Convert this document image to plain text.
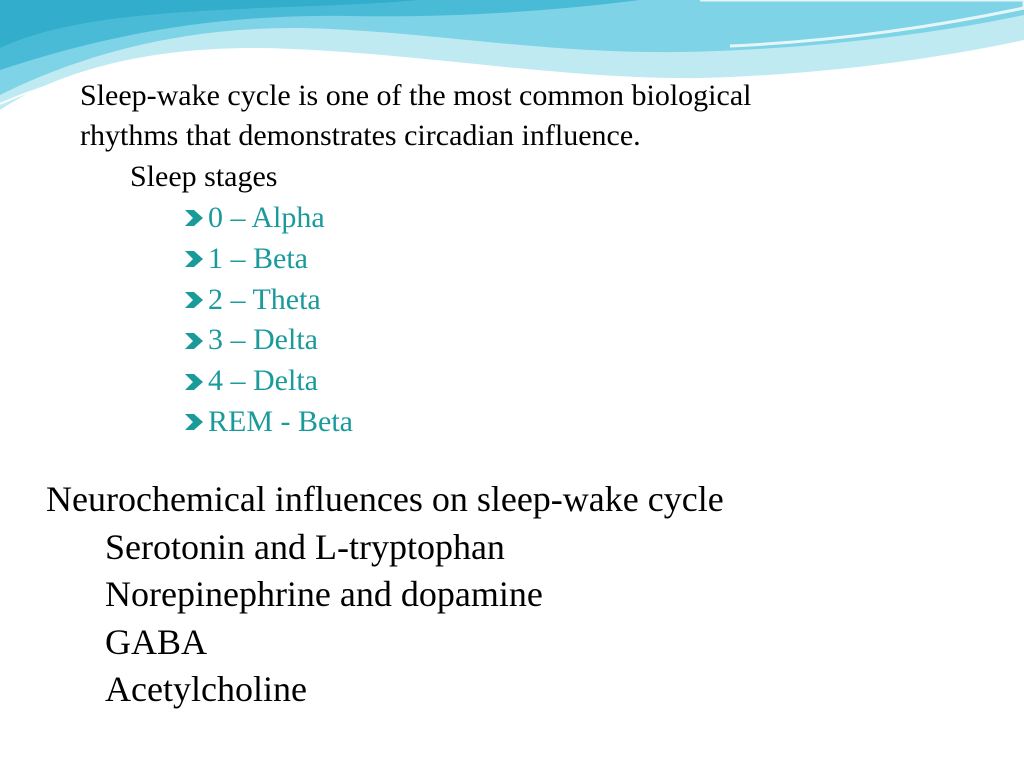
Sleep-wake cycle is one of the most common biological

rhythms that demonstrates circadian influence.

Sleep stages
0 – Alpha
1 – Beta
2 – Theta
3 – Delta
4 – Delta
REM - Beta
Neurochemical influences on sleep-wake cycle
Serotonin and L-tryptophan
Norepinephrine and dopamine
GABA
Acetylcholine
